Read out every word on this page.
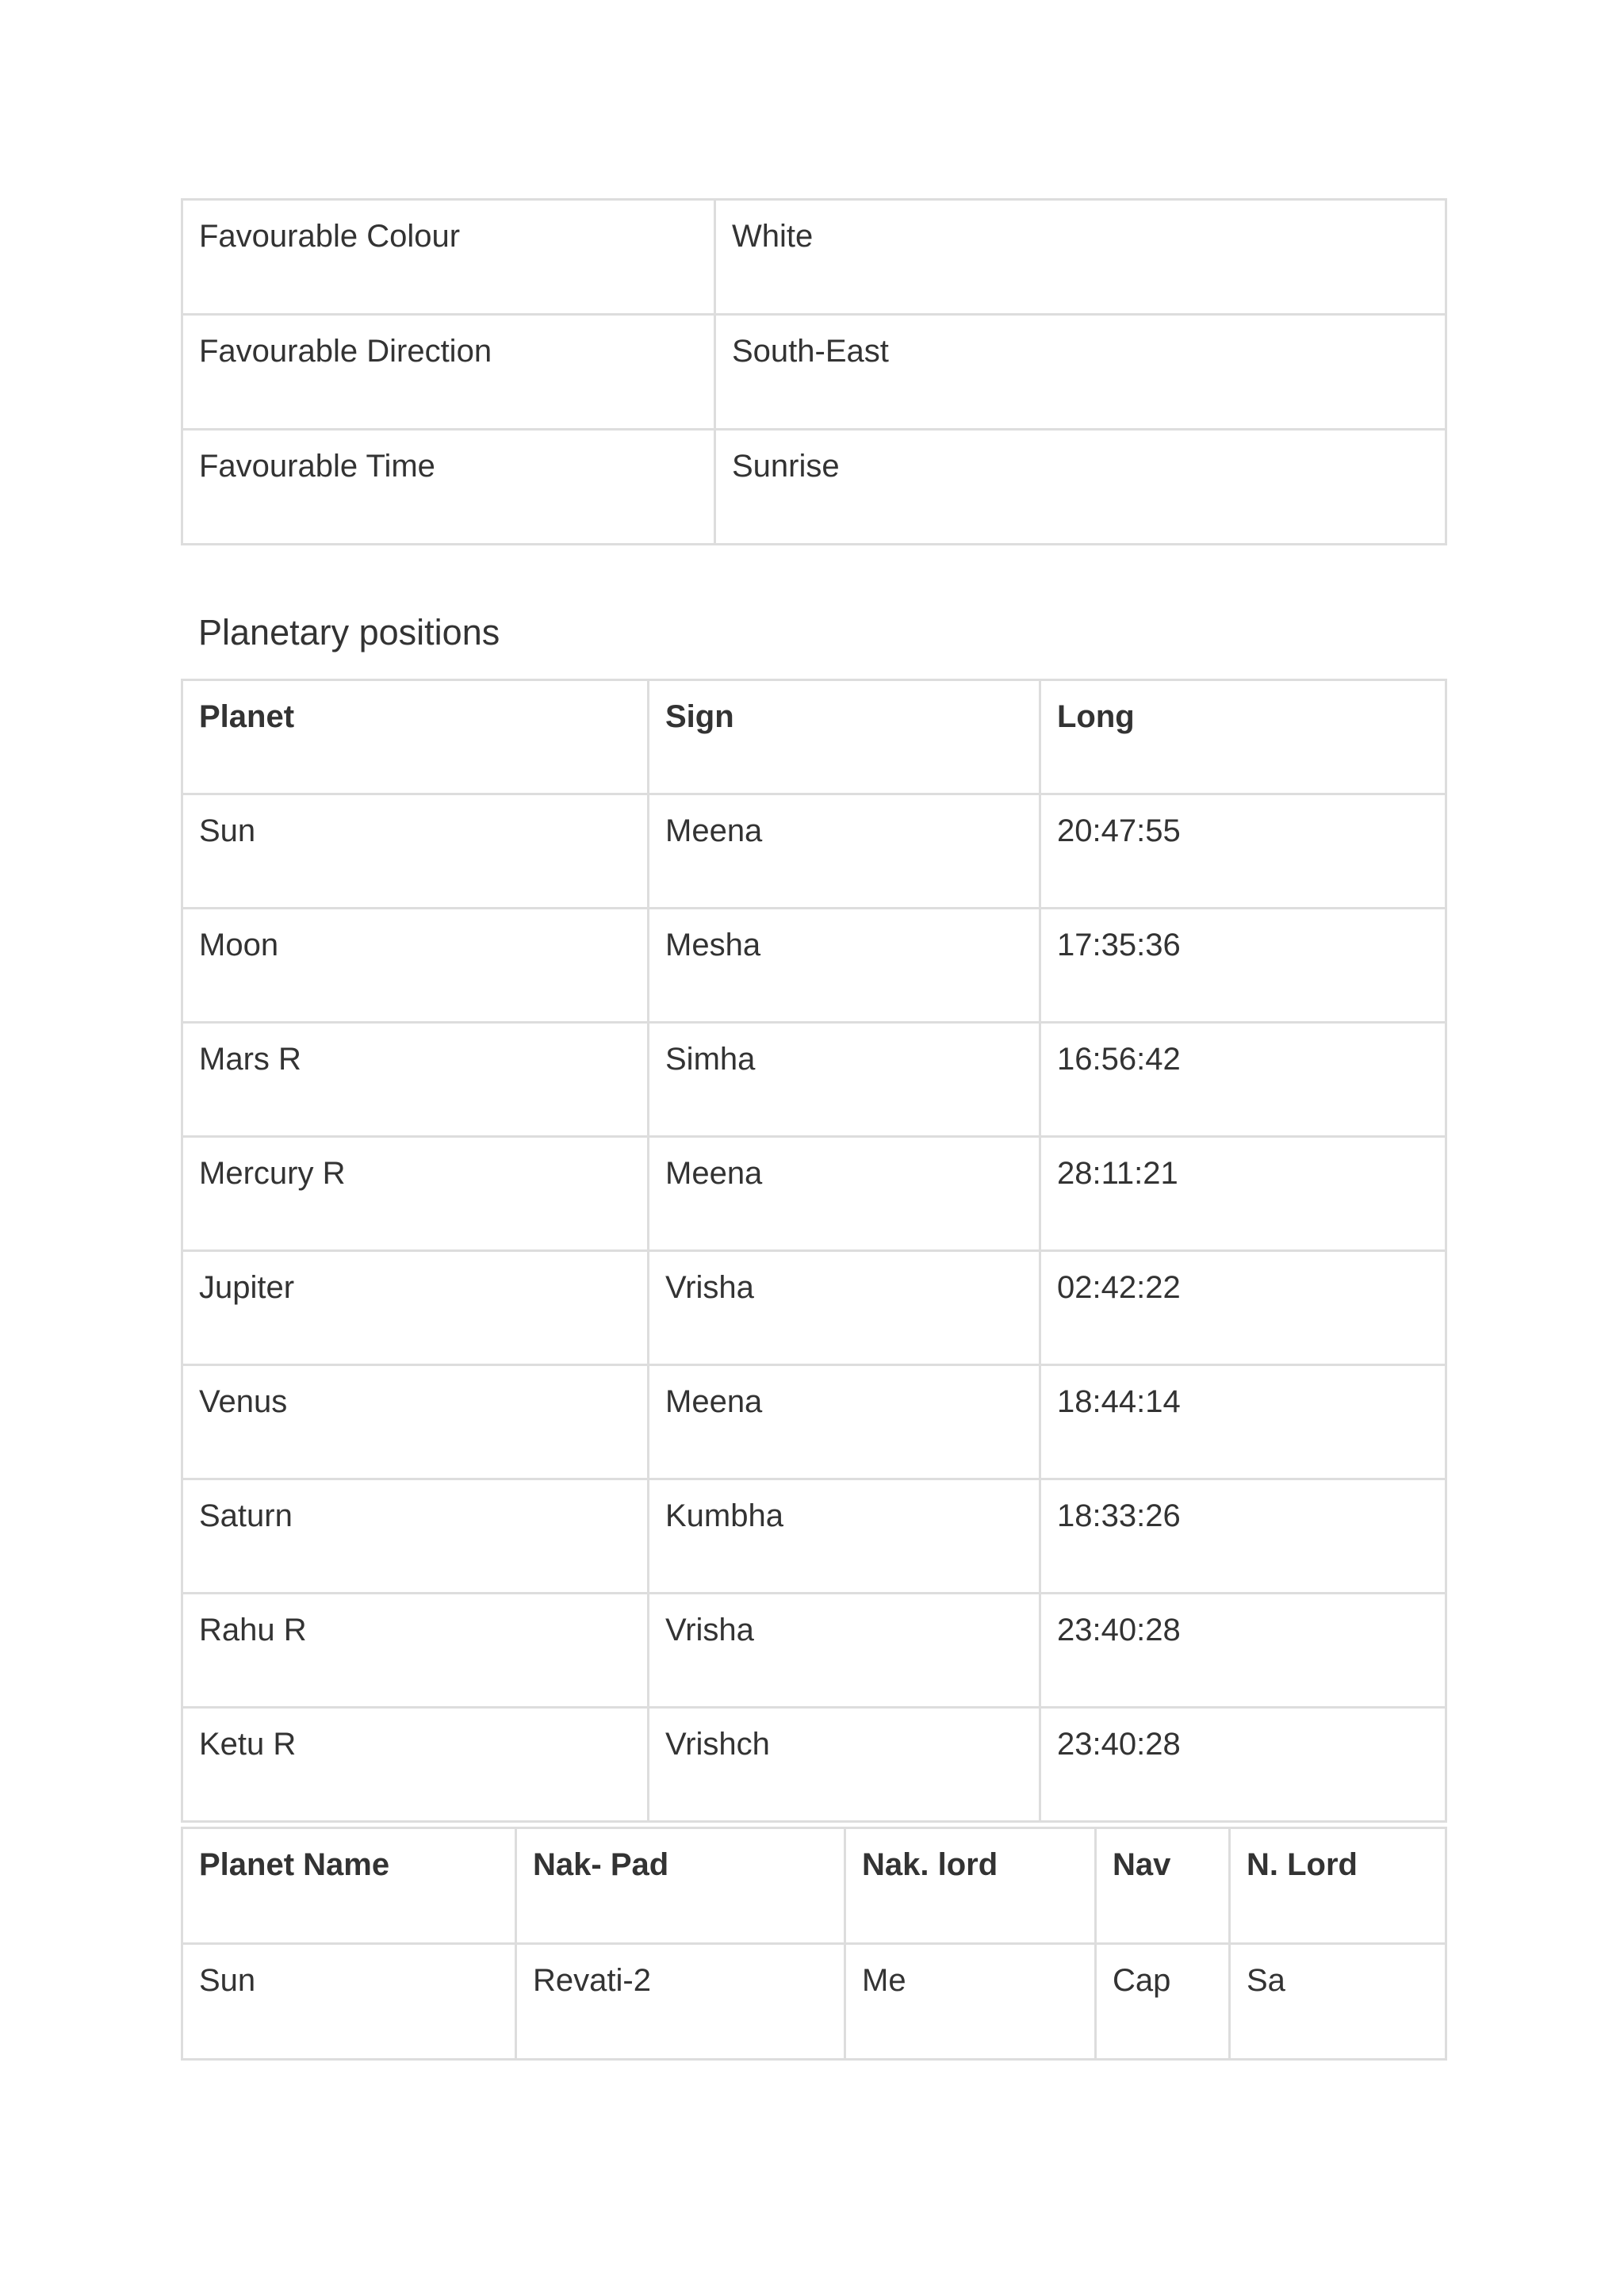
Favourable Colour	White
Favourable Direction	South-East
Favourable Time	Sunrise
Planetary positions
Planet	Sign	Long
Sun	Meena	20:47:55
Moon	Mesha	17:35:36
Mars R	Simha	16:56:42
Mercury R	Meena	28:11:21
Jupiter	Vrisha	02:42:22
Venus	Meena	18:44:14
Saturn	Kumbha	18:33:26
Rahu R	Vrisha	23:40:28
Ketu R	Vrishch	23:40:28
Planet Name	Nak- Pad	Nak. lord	Nav	N. Lord
Sun	Revati-2	Me	Cap	Sa
